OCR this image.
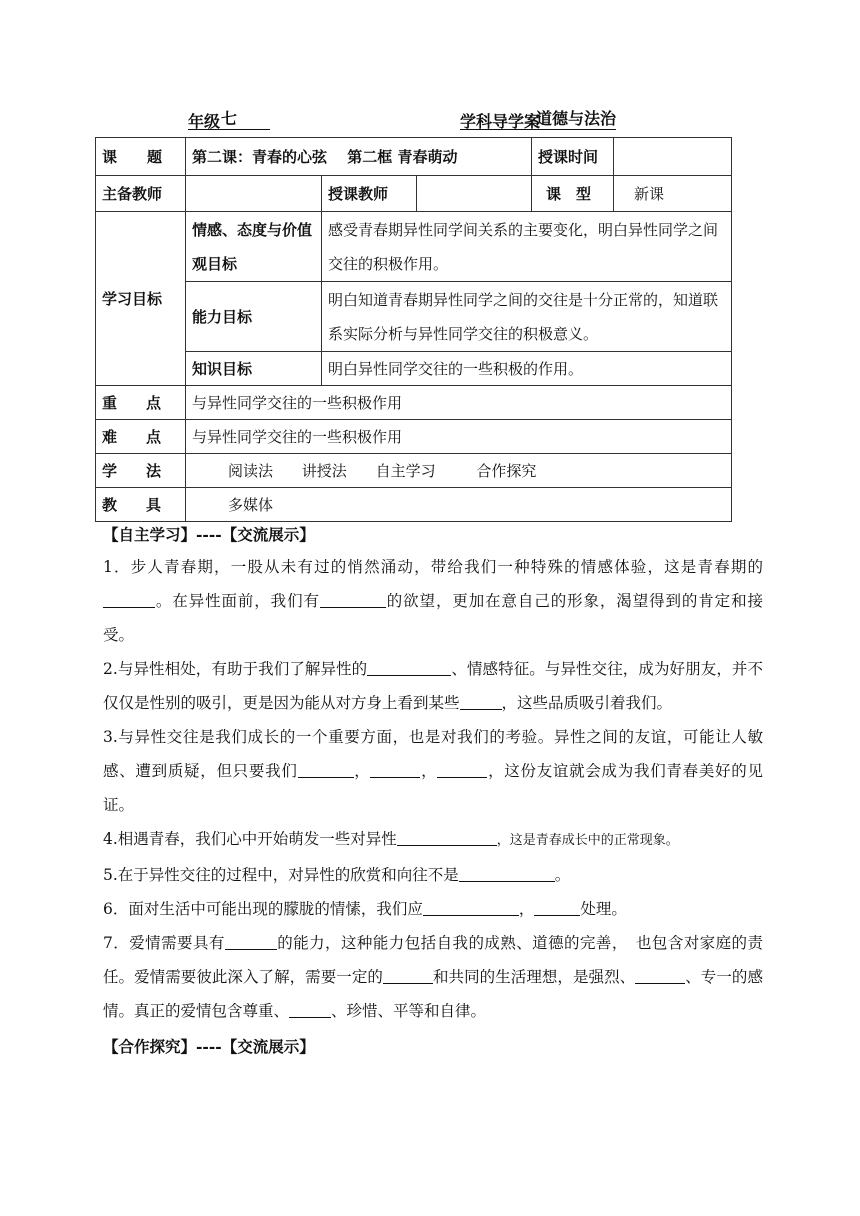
七
年级	道德与法治
学科导学案
课　　题	第二课：青春的心弦　 第二框 青春萌动			授课时间	
主备教师		授课教师		课　型	新课
学习目标	情感、态度与价值观目标	感受青春期异性同学间关系的主要变化，明白异性同学之间交往的积极作用。			
	能力目标	明白知道青春期异性同学之间的交往是十分正常的，知道联系实际分析与异性同学交往的积极意义。			
	知识目标	明白异性同学交往的一些积极的作用。			

重 点	与异性同学交往的一些积极作用				

难 点	与异性同学交往的一些积极作用				

学 法	阅读法 讲授法 自主学习 合作探究				

教 具	多媒体				
【自主学习】----【交流展示】
1．步人青春期，一股从未有过的悄然涌动，带给我们一种特殊的情感体验，这是青春期的。在异性面前，我们有	的欲望，更加在意自己的形象，渴望得到的肯定和接受。
2.与异性相处，有助于我们了解异性的	、情感特征。与异性交往，成为好朋友，并不仅仅是性别的吸引，更是因为能从对方身上看到某些	，这些品质吸引着我们。
3.与异性交往是我们成长的一个重要方面，也是对我们的考验。异性之间的友谊，可能让人敏感、遭到质疑，但只要我们	，	，	，这份友谊就会成为我们青春美好的见证。
4.相遇青春，我们心中开始萌发一些对异性	，这是青春成长中的正常现象。
5.在于异性交往的过程中，对异性的欣赏和向往不是	。
6．面对生活中可能出现的朦胧的情愫，我们应	，	处理。
7．爱情需要具有	的能力，这种能力包括自我的成熟、道德的完善，　也包含对家庭的责任。爱情需要彼此深入了解，需要一定的	和共同的生活理想，是强烈、	、专一的感情。真正的爱情包含尊重、	、珍惜、平等和自律。
【合作探究】----【交流展示】
